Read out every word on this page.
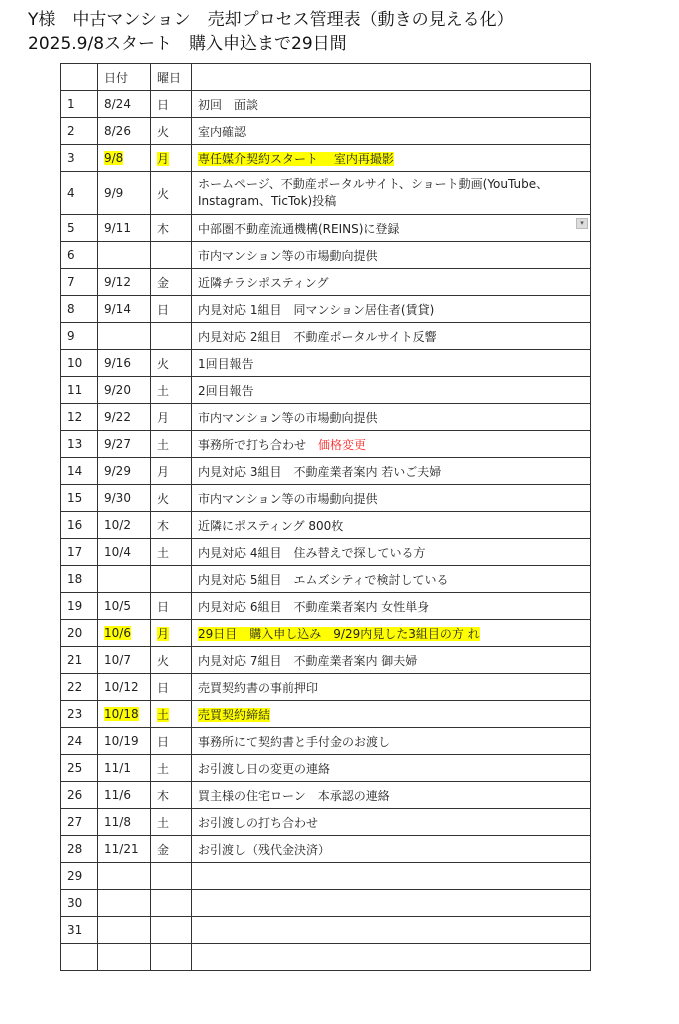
Y様　中古マンション　売却プロセス管理表（動きの見える化）
2025.9/8スタート　購入申込まで29日間
	日付	曜日	
1	8/24	日	初回　面談
2	8/26	火	室内確認
3	9/8	月	専任媒介契約スタート　 室内再撮影
4	9/9	火	ホームページ、不動産ポータルサイト、ショート動画(YouTube、Instagram、TicTok)投稿
5	9/11	木	中部圏不動産流通機構(REINS)に登録 ▾

6			市内マンション等の市場動向提供
7	9/12	金	近隣チラシポスティング
8	9/14	日	内見対応 1組目　同マンション居住者(賃貸)
9			内見対応 2組目　不動産ポータルサイト反響
10	9/16	火	1回目報告
11	9/20	土	2回目報告
12	9/22	月	市内マンション等の市場動向提供
13	9/27	土	事務所で打ち合わせ　価格変更
14	9/29	月	内見対応 3組目　不動産業者案内 若いご夫婦
15	9/30	火	市内マンション等の市場動向提供
16	10/2	木	近隣にポスティング 800枚
17	10/4	土	内見対応 4組目　住み替えで探している方
18			内見対応 5組目　エムズシティで検討している
19	10/5	日	内見対応 6組目　不動産業者案内 女性単身
20	10/6	月	29日目　購入申し込み　9/29内見した3組目の方 れ
21	10/7	火	内見対応 7組目　不動産業者案内 御夫婦
22	10/12	日	売買契約書の事前押印
23	10/18	土	売買契約締結
24	10/19	日	事務所にて契約書と手付金のお渡し
25	11/1	土	お引渡し日の変更の連絡
26	11/6	木	買主様の住宅ローン　本承認の連絡
27	11/8	土	お引渡しの打ち合わせ
28	11/21	金	お引渡し（残代金決済）
29			
30			
31			
